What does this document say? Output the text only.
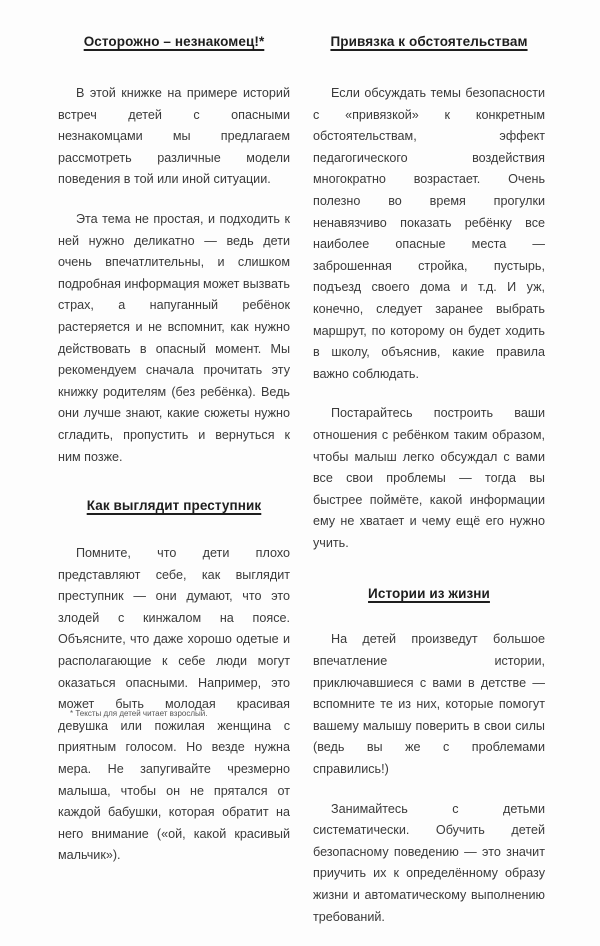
Осторожно – незнакомец!*

В этой книжке на примере историй встреч детей с опасными незнакомцами мы предлагаем рассмотреть различные модели поведения в той или иной ситуации.

Эта тема не простая, и подходить к ней нужно деликатно — ведь дети очень впечатлительны, и слишком подробная информация может вызвать страх, а напуганный ребёнок растеряется и не вспомнит, как нужно действовать в опасный момент. Мы рекомендуем сначала прочитать эту книжку родителям (без ребёнка). Ведь они лучше знают, какие сюжеты нужно сгладить, пропустить и вернуться к ним позже.

Как выглядит преступник

Помните, что дети плохо представляют себе, как выглядит преступник — они думают, что это злодей с кинжалом на поясе. Объясните, что даже хорошо одетые и располагающие к себе люди могут оказаться опасными. Например, это может быть молодая красивая девушка или пожилая женщина с приятным голосом. Но везде нужна мера. Не запугивайте чрезмерно малыша, чтобы он не прятался от каждой бабушки, которая обратит на него внимание («ой, какой красивый мальчик»).

Привязка к обстоятельствам

Если обсуждать темы безопасности с «привязкой» к конкретным обстоятельствам, эффект педагогического воздействия многократно возрастает. Очень полезно во время прогулки ненавязчиво показать ребёнку все наиболее опасные места — заброшенная стройка, пустырь, подъезд своего дома и т.д. И уж, конечно, следует заранее выбрать маршрут, по которому он будет ходить в школу, объяснив, какие правила важно соблюдать.

Постарайтесь построить ваши отношения с ребёнком таким образом, чтобы малыш легко обсуждал с вами все свои проблемы — тогда вы быстрее поймёте, какой информации ему не хватает и чему ещё его нужно учить.

Истории из жизни

На детей произведут большое впечатление истории, приключавшиеся с вами в детстве — вспомните те из них, которые помогут вашему малышу поверить в свои силы (ведь вы же с проблемами справились!)

Занимайтесь с детьми систематически. Обучить детей безопасному поведению — это значит приучить их к определённому образу жизни и автоматическому выполнению требований.

* Тексты для детей читает взрослый.
